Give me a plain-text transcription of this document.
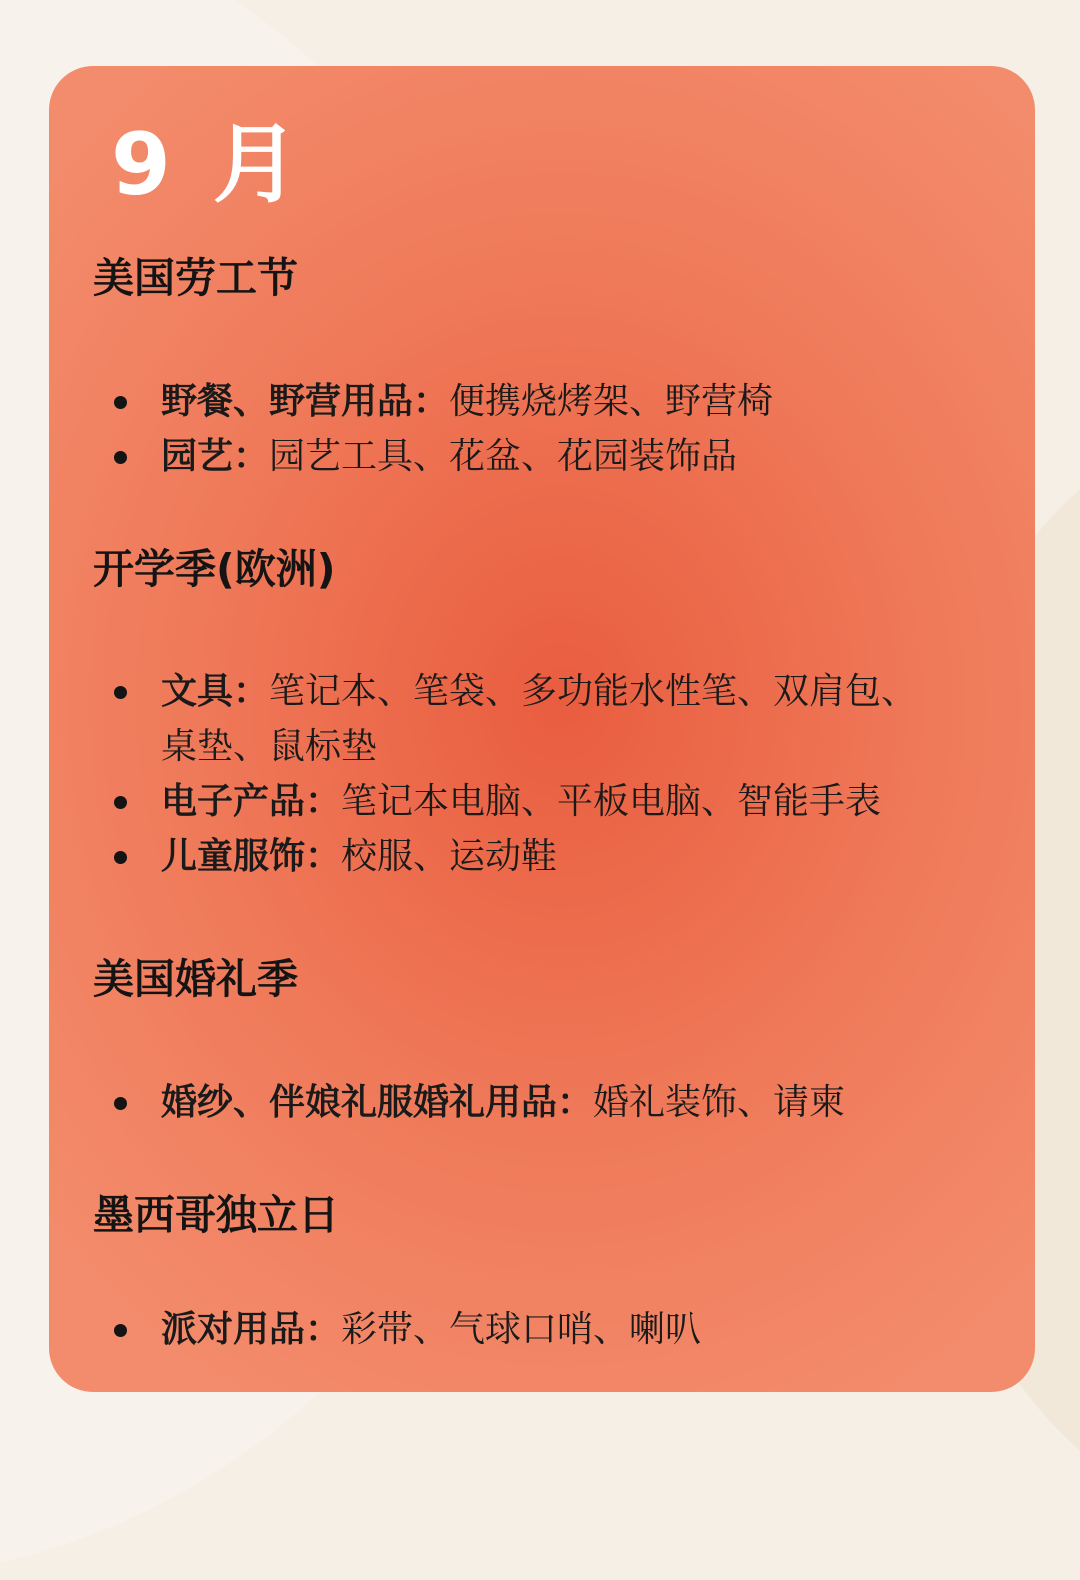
9 月
美国劳工节
野餐、野营用品：便携烧烤架、野营椅
园艺：园艺工具、花盆、花园装饰品
开学季(欧洲)
文具：笔记本、笔袋、多功能水性笔、双肩包、桌垫、鼠标垫
电子产品：笔记本电脑、平板电脑、智能手表
儿童服饰：校服、运动鞋
美国婚礼季
婚纱、伴娘礼服婚礼用品：婚礼装饰、请柬
墨西哥独立日
派对用品：彩带、气球口哨、喇叭
